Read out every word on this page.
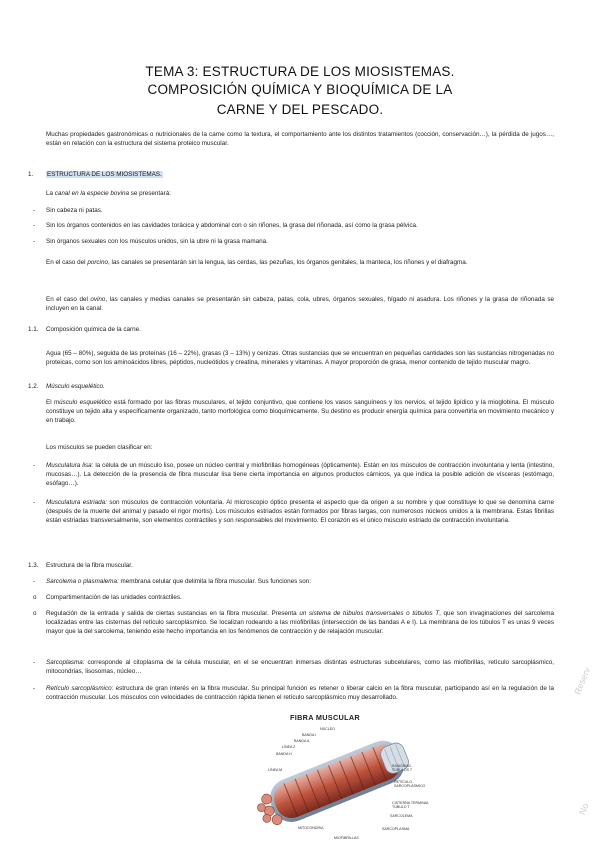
TEMA 3: ESTRUCTURA DE LOS MIOSISTEMAS.
COMPOSICIÓN QUÍMICA Y BIOQUÍMICA DE LA
CARNE Y DEL PESCADO.
Muchas propiedades gastronómicas o nutricionales de la carne como la textura, el comportamiento ante los distintos tratamientos (cocción, conservación…), la pérdida de jugos…, están en relación con la estructura del sistema proteico muscular.
1. ESTRUCTURA DE LOS MIOSISTEMAS.
La canal en la especie bovina se presentará:
- Sin cabeza ni patas.
- Sin los órganos contenidos en las cavidades torácica y abdominal con o sin riñones, la grasa del riñonada, así como la grasa pélvica.
- Sin órganos sexuales con los músculos unidos, sin la ubre ni la grasa mamaria.
En el caso del porcino, las canales se presentarán sin la lengua, las cerdas, las pezuñas, los órganos genitales, la manteca, los riñones y el diafragma.
En el caso del ovino, las canales y medias canales se presentarán sin cabeza, patas, cola, ubres, órganos sexuales, hígado ni asadura. Los riñones y la grasa de riñonada se incluyen en la canal.
1.1. Composición química de la carne.
Agua (65 – 80%), seguida de las proteínas (16 – 22%), grasas (3 – 13%) y cenizas. Otras sustancias que se encuentran en pequeñas cantidades son las sustancias nitrogenadas no proteicas, como son los aminoácidos libres, péptidos, nucleótidos y creatina, minerales y vitaminas. A mayor proporción de grasa, menor contenido de tejido muscular magro.
1.2. Músculo esquelético.
El músculo esquelético está formado por las fibras musculares, el tejido conjuntivo, que contiene los vasos sanguíneos y los nervios, el tejido lipídico y la mioglobina. El músculo constituye un tejido alta y específicamente organizado, tanto morfológica como bioquímicamente. Su destino es producir energía química para convertirla en movimiento mecánico y en trabajo.
Los músculos se pueden clasificar en:
- Musculatura lisa: la célula de un músculo liso, posee un núcleo central y miofibrillas homogéneas (ópticamente). Están en los músculos de contracción involuntaria y lenta (intestino, mucosas…). La detección de la presencia de fibra muscular lisa tiene cierta importancia en algunos productos cárnicos, ya que indica la posible adición de vísceras (estómago, esófago…).
- Musculatura estriada: son músculos de contracción voluntaria. Al microscopio óptico presenta el aspecto que da origen a su nombre y que constituye lo que se denomina carne (después de la muerte del animal y pasado el rigor mortis). Los músculos estriados están formados por fibras largas, con numerosos núcleos unidos a la membrana. Estas fibrillas están estriadas transversalmente, son elementos contráctiles y son responsables del movimiento. El corazón es el único músculo estriado de contracción involuntaria.
1.3. Estructura de la fibra muscular.
- Sarcolema o plasmalema: membrana celular que delimita la fibra muscular. Sus funciones son:
o Compartimentación de las unidades contráctiles.
o Regulación de la entrada y salida de ciertas sustancias en la fibra muscular. Presenta un sistema de túbulos transversales o túbulos T, que son invaginaciones del sarcolema localizadas entre las cisternas del retículo sarcoplásmico. Se localizan rodeando a las miofibrillas (intersección de las bandas A e I). La membrana de los túbulos T es unas 9 veces mayor que la del sarcolema, teniendo este hecho importancia en los fenómenos de contracción y de relajación muscular.
- Sarcoplasma: corresponde al citoplasma de la célula muscular, en el se encuentran inmersas distintas estructuras subcelulares, como las miofibrillas, retículo sarcoplásmico, mitocondrias, lisosomas, núcleo…
- Retículo sarcoplásmico: estructura de gran interés en la fibra muscular. Su principal función es retener o liberar calcio en la fibra muscular, participando así en la regulación de la contracción muscular. Los músculos con velocidades de contracción rápida tienen el retículo sarcoplásmico muy desarrollado.
FIBRA MUSCULAR
NÚCLEO
BANDA I
BANDA A
LÍNEA Z
BANDA H
LÍNEA M
MITOCONDRIA
MIOFIBRILLAS
INVAGINAC. TÚBULOS T
RETÍCULO SARCOPLÁSMICO
CISTERNA TERMINAL TÚBULO T
SARCOLEMA
SARCOPLASMA
Reserv
No
